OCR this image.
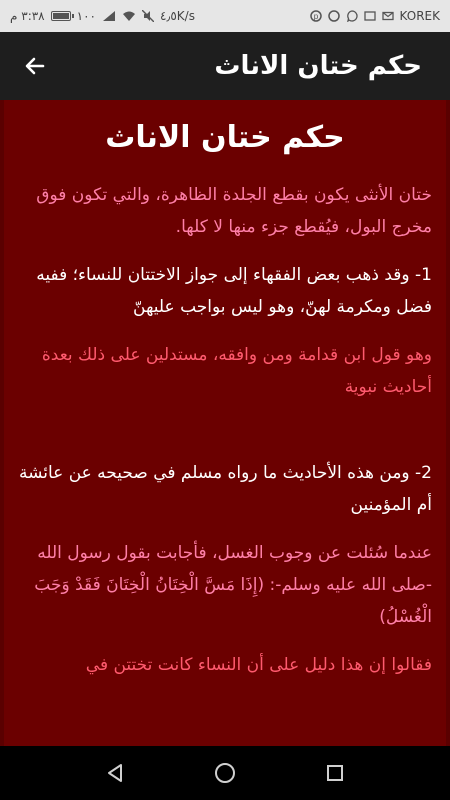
٣:٣٨ م	١٠٠	٤٫٥K/s	p	KOREK
حكم ختان الاناث
حكم ختان الاناث

ختان الأنثى يكون بقطع الجلدة الظاهرة، والتي تكون فوق مخرج البول، فيُقطع جزء منها لا كلها.

1- وقد ذهب بعض الفقهاء إلى جواز الاختتان للنساء؛ ففيه فضل ومكرمة لهنّ، وهو ليس بواجب عليهنّ

وهو قول ابن قدامة ومن وافقه، مستدلين على ذلك بعدة أحاديث نبوية

2- ومن هذه الأحاديث ما رواه مسلم في صحيحه عن عائشة أم المؤمنين

عندما سُئلت عن وجوب الغسل، فأجابت بقول رسول الله -صلى الله عليه وسلم-: (إِذَا مَسَّ الْخِتَانُ الْخِتَانَ فَقَدْ وَجَبَ الْغُسْلُ)

فقالوا إن هذا دليل على أن النساء كانت تختتن في
